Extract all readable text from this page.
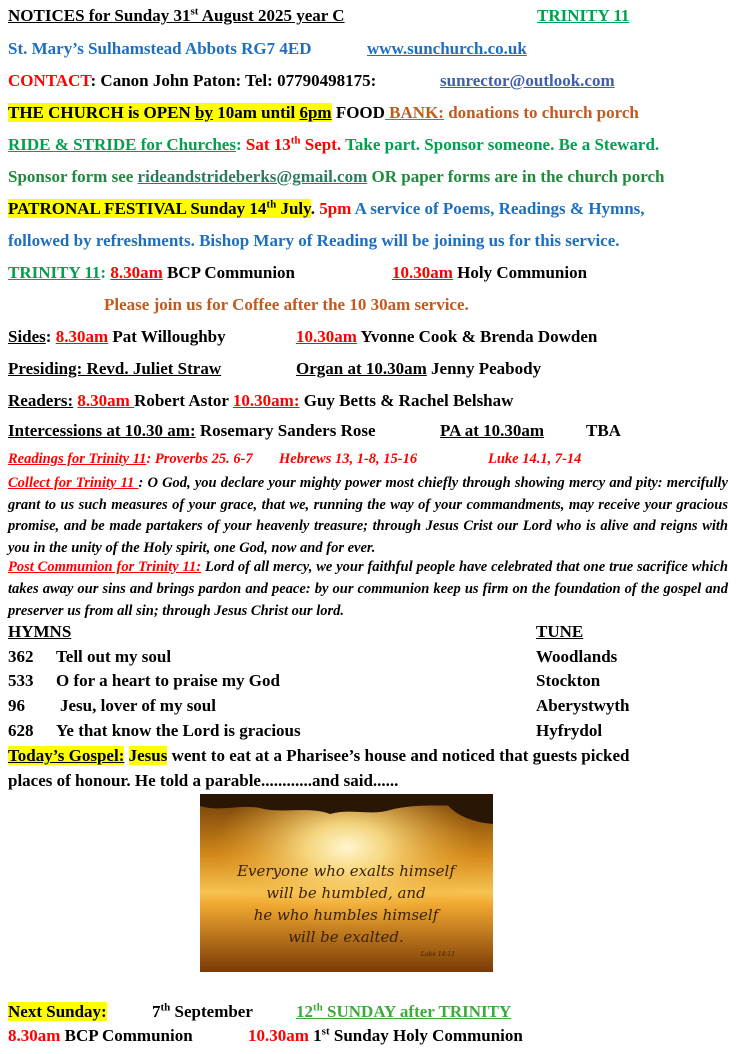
NOTICES for Sunday 31st August 2025 year C	TRINITY 11
St. Mary’s Sulhamstead Abbots RG7 4ED	www.sunchurch.co.uk
CONTACT: Canon John Paton: Tel: 07790498175:	sunrector@outlook.com
THE CHURCH is OPEN by 10am until 6pm FOOD BANK: donations to church porch
RIDE & STRIDE for Churches: Sat 13th Sept. Take part. Sponsor someone. Be a Steward.
Sponsor form see rideandstrideberks@gmail.com OR paper forms are in the church porch
PATRONAL FESTIVAL Sunday 14th July. 5pm A service of Poems, Readings & Hymns,
followed by refreshments. Bishop Mary of Reading will be joining us for this service.
TRINITY 11: 8.30am BCP Communion	10.30am Holy Communion
Please join us for Coffee after the 10 30am service.
Sides: 8.30am Pat Willoughby	10.30am Yvonne Cook & Brenda Dowden
Presiding: Revd. Juliet Straw	Organ at 10.30am Jenny Peabody
Readers: 8.30am Robert Astor 10.30am: Guy Betts & Rachel Belshaw
Intercessions at 10.30 am: Rosemary Sanders Rose	PA at 10.30am TBA
Readings for Trinity 11: Proverbs 25. 6-7 Hebrews 13, 1-8, 15-16	Luke 14.1, 7-14
Collect for Trinity 11 : O God, you declare your mighty power most chiefly through showing mercy and pity: mercifully grant to us such measures of your grace, that we, running the way of your commandments, may receive your gracious promise, and be made partakers of your heavenly treasure; through Jesus Crist our Lord who is alive and reigns with you in the unity of the Holy spirit, one God, now and for ever.
Post Communion for Trinity 11: Lord of all mercy, we your faithful people have celebrated that one true sacrifice which takes away our sins and brings pardon and peace: by our communion keep us firm on the foundation of the gospel and preserver us from all sin; through Jesus Christ our lord.
HYMNS	TUNE
362 Tell out my soul	Woodlands
533 O for a heart to praise my God	Stockton
96 Jesu, lover of my soul	Aberystwyth
628 Ye that know the Lord is gracious	Hyfrydol
Today’s Gospel: Jesus went to eat at a Pharisee’s house and noticed that guests picked
places of honour. He told a parable............and said......
Everyone who exalts himself
will be humbled, and
he who humbles himself
will be exalted.
Luke 14:11
Next Sunday:	7th September	12th SUNDAY after TRINITY
8.30am BCP Communion	10.30am 1st Sunday Holy Communion
